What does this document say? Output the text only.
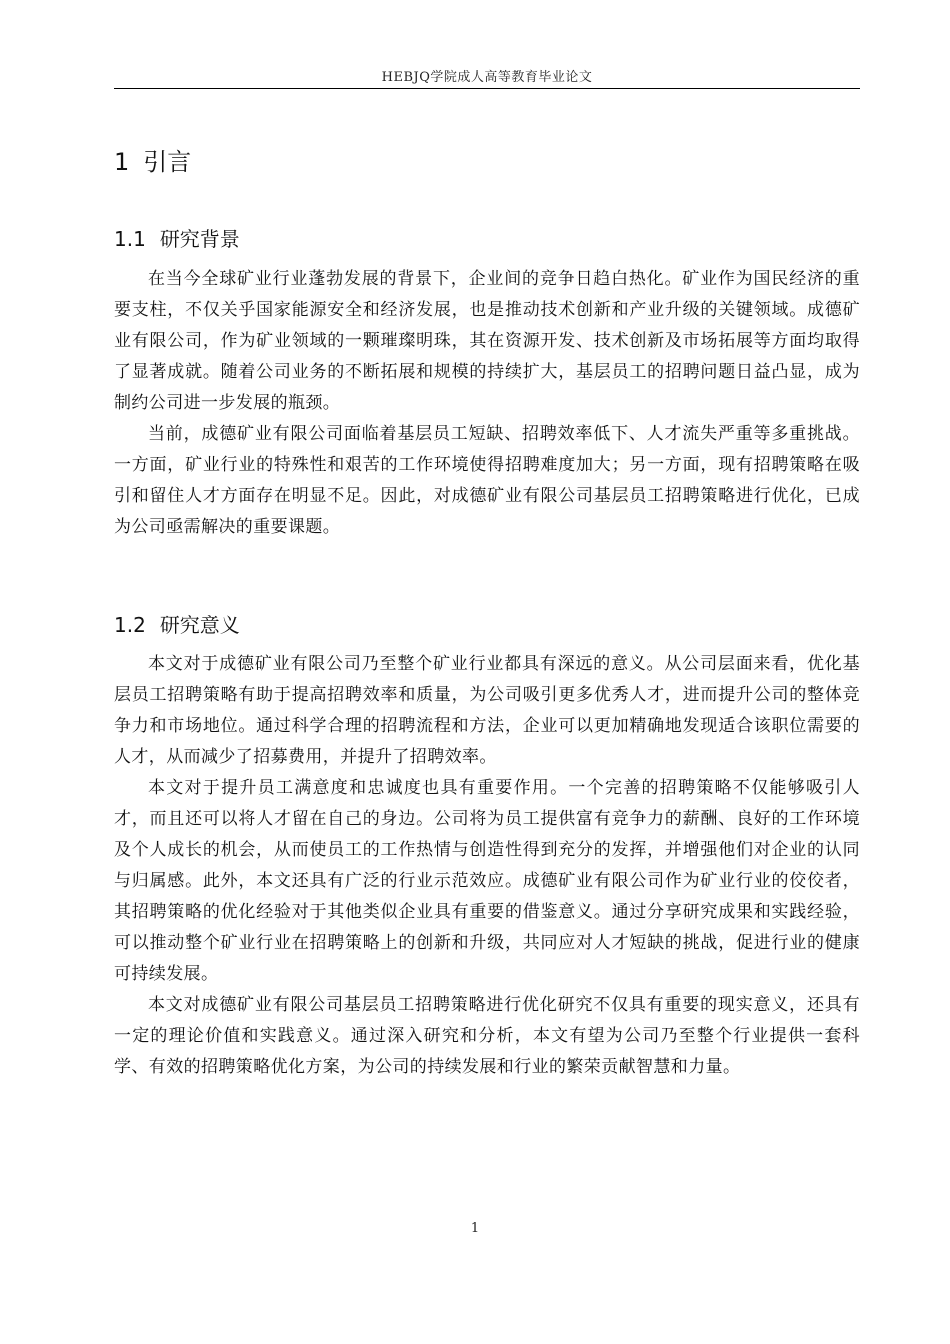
HEBJQ学院成人高等教育毕业论文
1 引言
1.1 研究背景

在当今全球矿业行业蓬勃发展的背景下，企业间的竞争日趋白热化。矿业作为国民经济的重要支柱，不仅关乎国家能源安全和经济发展，也是推动技术创新和产业升级的关键领域。成德矿业有限公司，作为矿业领域的一颗璀璨明珠，其在资源开发、技术创新及市场拓展等方面均取得了显著成就。随着公司业务的不断拓展和规模的持续扩大，基层员工的招聘问题日益凸显，成为制约公司进一步发展的瓶颈。

当前，成德矿业有限公司面临着基层员工短缺、招聘效率低下、人才流失严重等多重挑战。一方面，矿业行业的特殊性和艰苦的工作环境使得招聘难度加大；另一方面，现有招聘策略在吸引和留住人才方面存在明显不足。因此，对成德矿业有限公司基层员工招聘策略进行优化，已成为公司亟需解决的重要课题。

1.2 研究意义

本文对于成德矿业有限公司乃至整个矿业行业都具有深远的意义。从公司层面来看，优化基层员工招聘策略有助于提高招聘效率和质量，为公司吸引更多优秀人才，进而提升公司的整体竞争力和市场地位。通过科学合理的招聘流程和方法，企业可以更加精确地发现适合该职位需要的人才，从而减少了招募费用，并提升了招聘效率。

本文对于提升员工满意度和忠诚度也具有重要作用。一个完善的招聘策略不仅能够吸引人才，而且还可以将人才留在自己的身边。公司将为员工提供富有竞争力的薪酬、良好的工作环境及个人成长的机会，从而使员工的工作热情与创造性得到充分的发挥，并增强他们对企业的认同与归属感。此外，本文还具有广泛的行业示范效应。成德矿业有限公司作为矿业行业的佼佼者，其招聘策略的优化经验对于其他类似企业具有重要的借鉴意义。通过分享研究成果和实践经验，可以推动整个矿业行业在招聘策略上的创新和升级，共同应对人才短缺的挑战，促进行业的健康可持续发展。

本文对成德矿业有限公司基层员工招聘策略进行优化研究不仅具有重要的现实意义，还具有一定的理论价值和实践意义。通过深入研究和分析，本文有望为公司乃至整个行业提供一套科学、有效的招聘策略优化方案，为公司的持续发展和行业的繁荣贡献智慧和力量。

1
